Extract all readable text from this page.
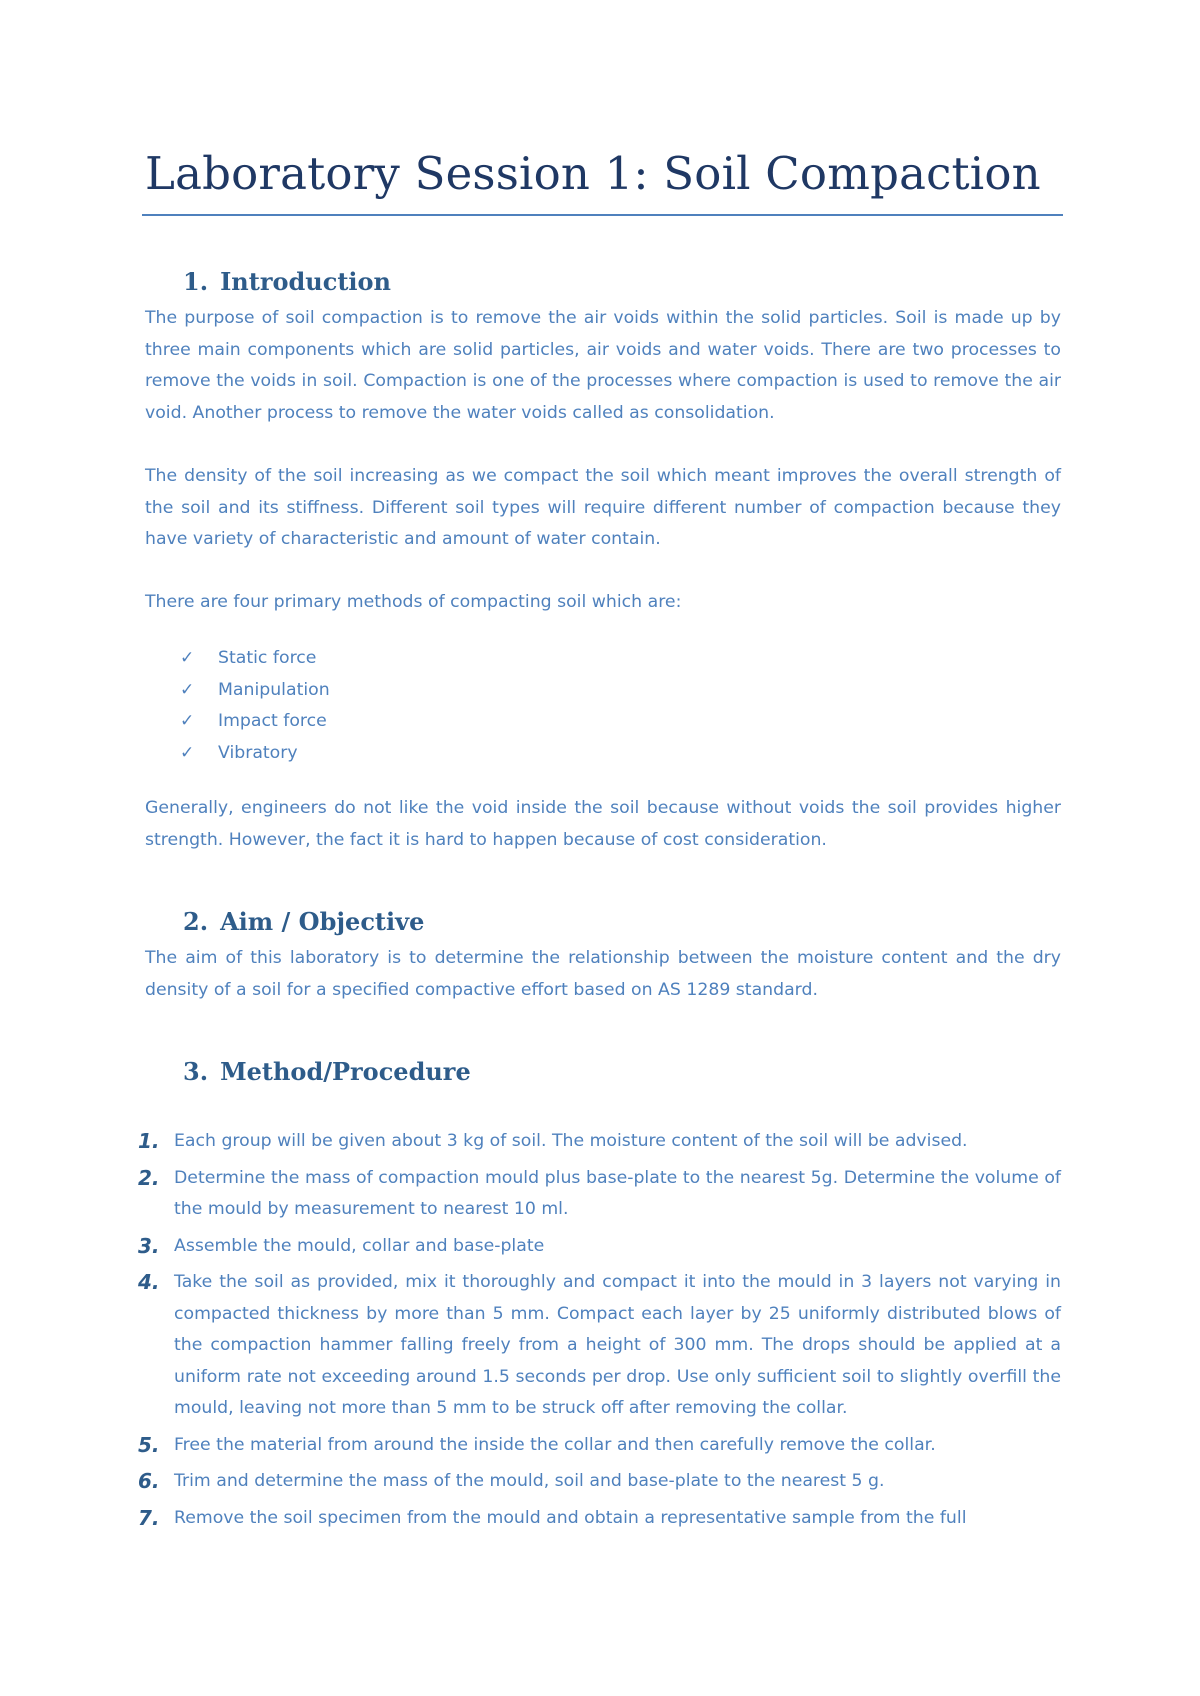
Laboratory Session 1: Soil Compaction
1. Introduction

The purpose of soil compaction is to remove the air voids within the solid particles. Soil is made up by three main components which are solid particles, air voids and water voids. There are two processes to remove the voids in soil. Compaction is one of the processes where compaction is used to remove the air void. Another process to remove the water voids called as consolidation.

The density of the soil increasing as we compact the soil which meant improves the overall strength of the soil and its stiffness. Different soil types will require different number of compaction because they have variety of characteristic and amount of water contain.

There are four primary methods of compacting soil which are:

✓ Static force
✓ Manipulation
✓ Impact force
✓ Vibratory

Generally, engineers do not like the void inside the soil because without voids the soil provides higher strength. However, the fact it is hard to happen because of cost consideration.

2. Aim / Objective

The aim of this laboratory is to determine the relationship between the moisture content and the dry density of a soil for a specified compactive effort based on AS 1289 standard.

3. Method/Procedure
1. Each group will be given about 3 kg of soil. The moisture content of the soil will be advised.
2. Determine the mass of compaction mould plus base-plate to the nearest 5g. Determine the volume of the mould by measurement to nearest 10 ml.
3. Assemble the mould, collar and base-plate
4. Take the soil as provided, mix it thoroughly and compact it into the mould in 3 layers not varying in compacted thickness by more than 5 mm. Compact each layer by 25 uniformly distributed blows of the compaction hammer falling freely from a height of 300 mm. The drops should be applied at a uniform rate not exceeding around 1.5 seconds per drop. Use only sufficient soil to slightly overfill the mould, leaving not more than 5 mm to be struck off after removing the collar.
5. Free the material from around the inside the collar and then carefully remove the collar.
6. Trim and determine the mass of the mould, soil and base-plate to the nearest 5 g.
7. Remove the soil specimen from the mould and obtain a representative sample from the full
